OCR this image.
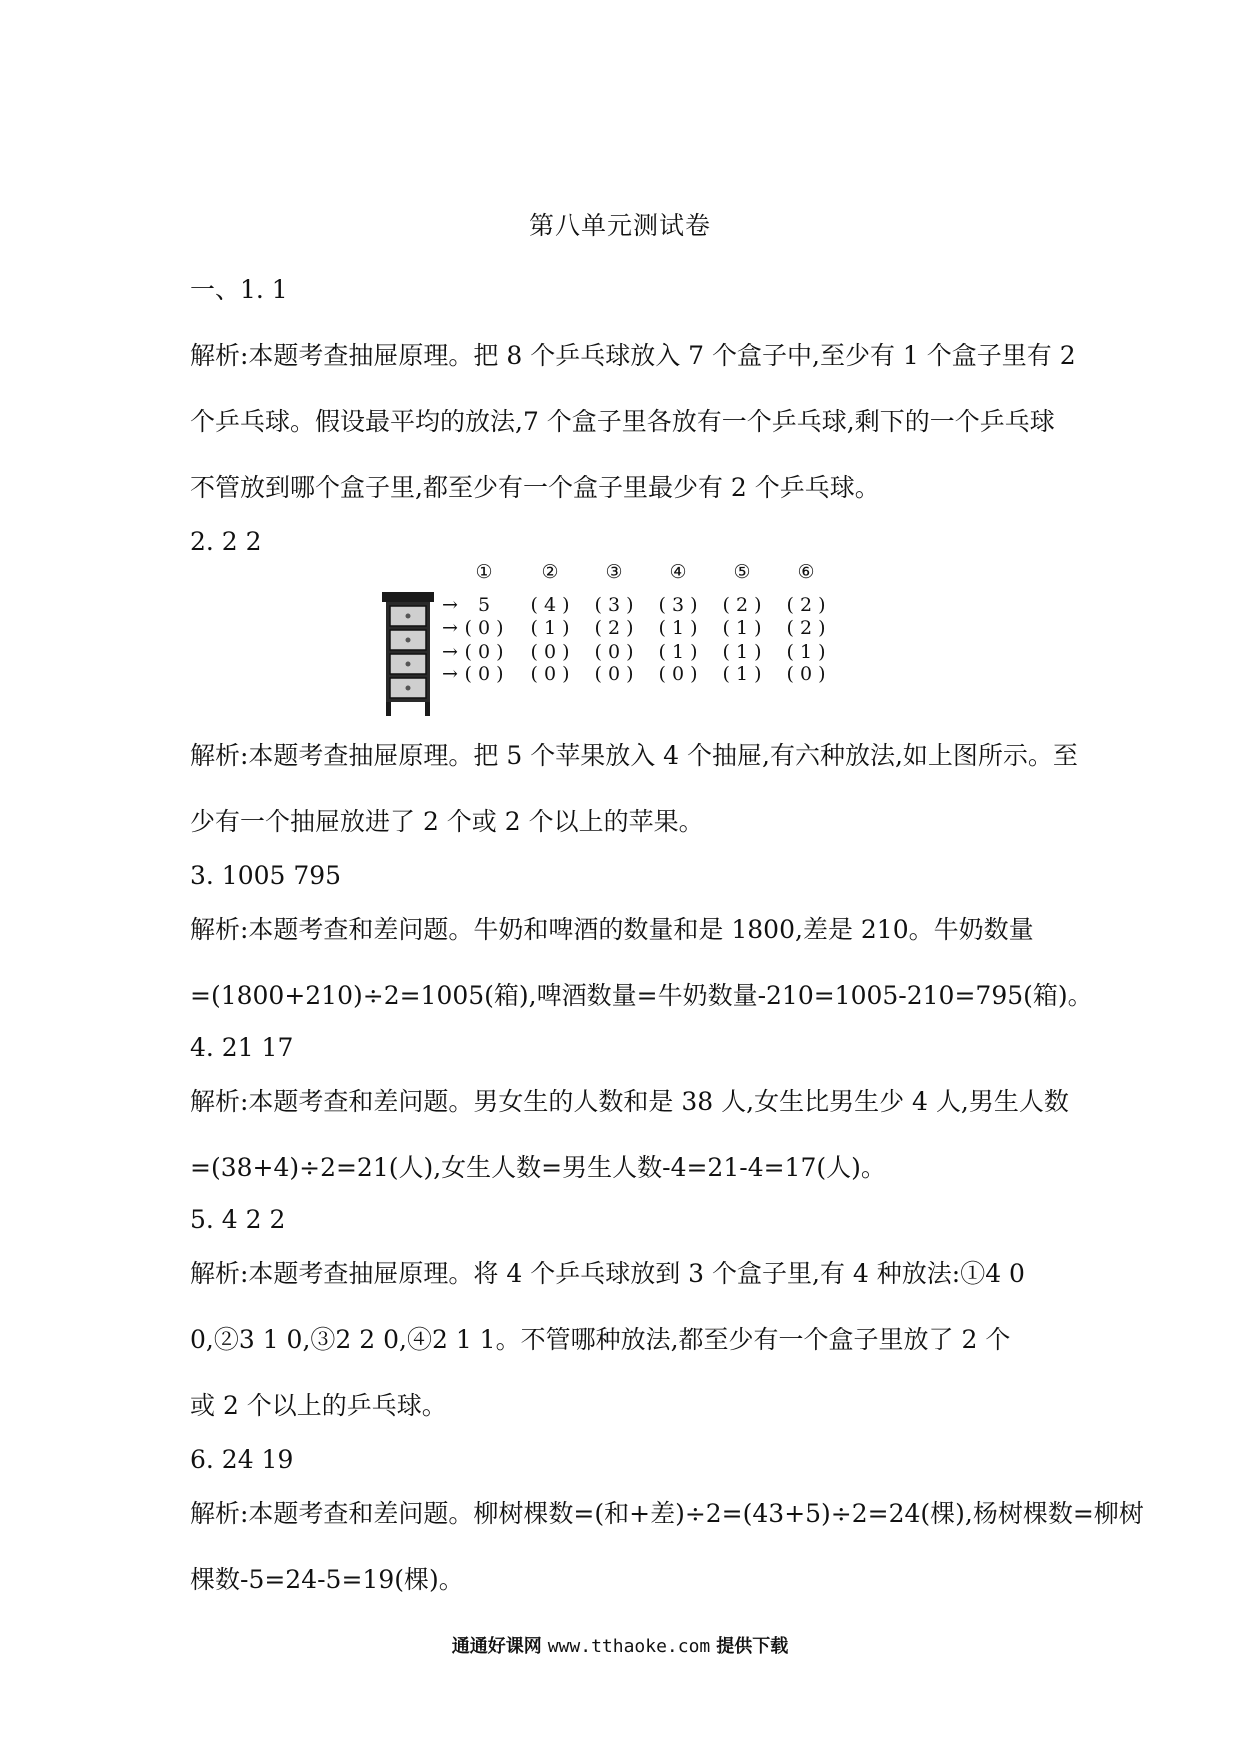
第八单元测试卷
一、1. 1
解析:本题考查抽屉原理。把 8 个乒乓球放入 7 个盒子中,至少有 1 个盒子里有 2
个乒乓球。假设最平均的放法,7 个盒子里各放有一个乒乓球,剩下的一个乒乓球
不管放到哪个盒子里,都至少有一个盒子里最少有 2 个乒乓球。
2. 2 2
①	② ③ ④ ⑤ ⑥
→ 5 ( 4 ) ( 3 ) ( 3 ) ( 2 ) ( 2 )
→ ( 0 ) ( 1 ) ( 2 ) ( 1 ) ( 1 ) ( 2 )
→ ( 0 ) ( 0 ) ( 0 ) ( 1 ) ( 1 ) ( 1 )
→ ( 0 ) ( 0 ) ( 0 ) ( 0 ) ( 1 ) ( 0 )
解析:本题考查抽屉原理。把 5 个苹果放入 4 个抽屉,有六种放法,如上图所示。至
少有一个抽屉放进了 2 个或 2 个以上的苹果。
3. 1005 795
解析:本题考查和差问题。牛奶和啤酒的数量和是 1800,差是 210。牛奶数量
=(1800+210)÷2=1005(箱),啤酒数量=牛奶数量-210=1005-210=795(箱)。
4. 21 17
解析:本题考查和差问题。男女生的人数和是 38 人,女生比男生少 4 人,男生人数
=(38+4)÷2=21(人),女生人数=男生人数-4=21-4=17(人)。
5. 4 2 2
解析:本题考查抽屉原理。将 4 个乒乓球放到 3 个盒子里,有 4 种放法:①4 0
0,②3 1 0,③2 2 0,④2 1 1。不管哪种放法,都至少有一个盒子里放了 2 个
或 2 个以上的乒乓球。
6. 24 19
解析:本题考查和差问题。柳树棵数=(和+差)÷2=(43+5)÷2=24(棵),杨树棵数=柳树
棵数-5=24-5=19(棵)。
通通好课网 www.tthaoke.com 提供下载
